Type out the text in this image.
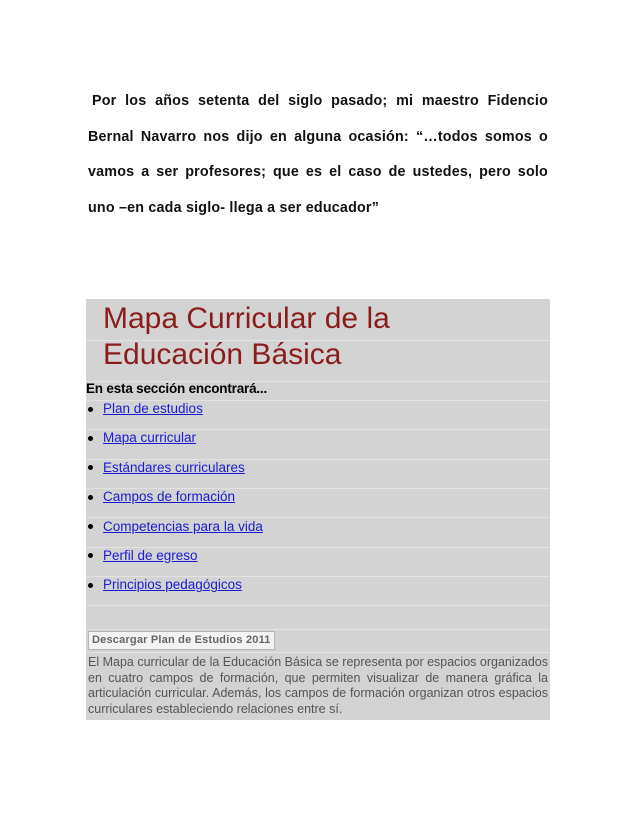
Por los años setenta del siglo pasado; mi maestro Fidencio Bernal Navarro nos dijo en alguna ocasión: “…todos somos o vamos a ser profesores; que es el caso de ustedes, pero solo uno –en cada siglo- llega a ser educador”

Mapa Curricular de la
Educación Básica
En esta sección encontrará...
Plan de estudios
Mapa curricular
Estándares curriculares
Campos de formación
Competencias para la vida
Perfil de egreso
Principios pedagógicos
Descargar Plan de Estudios 2011

El Mapa curricular de la Educación Básica se representa por espacios organizados en cuatro campos de formación, que permiten visualizar de manera gráfica la articulación curricular. Además, los campos de formación organizan otros espacios curriculares estableciendo relaciones entre sí.
